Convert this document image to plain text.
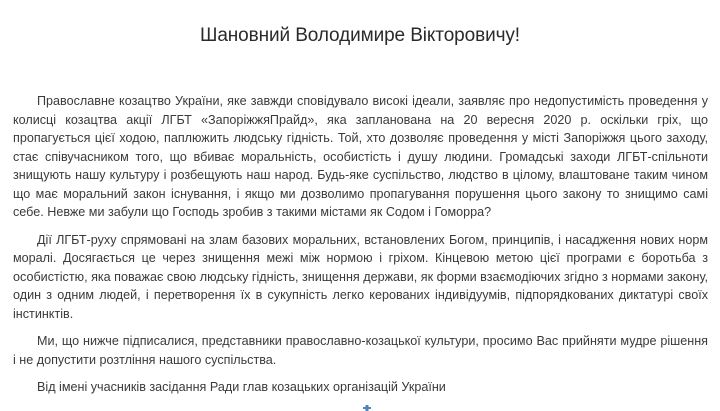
Шановний Володимире Вікторовичу!

Православне козацтво України, яке завжди сповідувало високі ідеали, заявляє про недопустимість проведення у колисці козацтва акції ЛГБТ «ЗапоріжжяПрайд», яка запланована на 20 вересня 2020 р. оскільки гріх, що пропагується цієї ходою, паплюжить людську гідність. Той, хто дозволяє проведення у місті Запоріжжя цього заходу, стає співучасником того, що вбиває моральність, особистість і душу людини. Громадські заходи ЛГБТ-спільноти знищують нашу культуру і розбещують наш народ. Будь-яке суспільство, людство в цілому, влаштоване таким чином що має моральний закон існування, і якщо ми дозволимо пропагування порушення цього закону то знищимо самі себе. Невже ми забули що Господь зробив з такими містами як Содом і Гоморра?

Дії ЛГБТ-руху спрямовані на злам базових моральних, встановлених Богом, принципів, і насадження нових норм моралі. Досягається це через знищення межі між нормою і гріхом. Кінцевою метою цієї програми є боротьба з особистістю, яка поважає свою людську гідність, знищення держави, як форми взаємодіючих згідно з нормами закону, один з одним людей, і перетворення їх в сукупність легко керованих індивідуумів, підпорядкованих диктатурі своїх інстинктів.

Ми, що нижче підписалися, представники православно-козацької культури, просимо Вас прийняти мудре рішення і не допустити розтління нашого суспільства.

Від імені учасників засідання Ради глав козацьких організацій України
